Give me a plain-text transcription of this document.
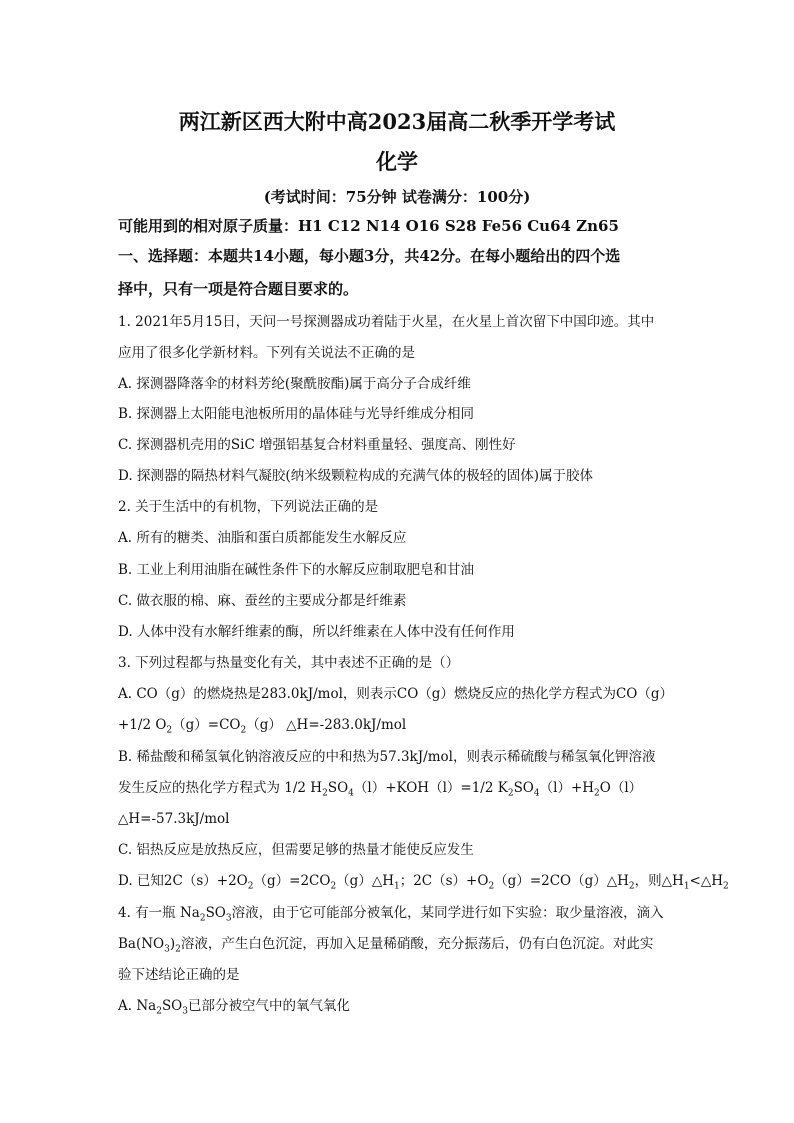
两江新区西大附中高2023届高二秋季开学考试
化学
(考试时间：75分钟 试卷满分：100分)
可能用到的相对原子质量：H1 C12 N14 O16 S28 Fe56 Cu64 Zn65
一、选择题：本题共14小题，每小题3分，共42分。在每小题给出的四个选
择中，只有一项是符合题目要求的。
1. 2021年5月15日，天问一号探测器成功着陆于火星，在火星上首次留下中国印迹。其中
应用了很多化学新材料。下列有关说法不正确的是
A. 探测器降落伞的材料芳纶(聚酰胺酯)属于高分子合成纤维
B. 探测器上太阳能电池板所用的晶体硅与光导纤维成分相同
C. 探测器机壳用的SiC 增强铝基复合材料重量轻、强度高、刚性好
D. 探测器的隔热材料气凝胶(纳米级颗粒构成的充满气体的极轻的固体)属于胶体
2. 关于生活中的有机物，下列说法正确的是
A. 所有的糖类、油脂和蛋白质都能发生水解反应
B. 工业上利用油脂在碱性条件下的水解反应制取肥皂和甘油
C. 做衣服的棉、麻、蚕丝的主要成分都是纤维素
D. 人体中没有水解纤维素的酶，所以纤维素在人体中没有任何作用
3. 下列过程都与热量变化有关，其中表述不正确的是（）
A. CO（g）的燃烧热是283.0kJ/mol，则表示CO（g）燃烧反应的热化学方程式为CO（g）
+1/2 $O_2(g)=CO_2(g)$ △H=-283.0kJ/mol
B. 稀盐酸和稀氢氧化钠溶液反应的中和热为57.3kJ/mol，则表示稀硫酸与稀氢氧化钾溶液
发生反应的热化学方程式为 1/2 $H_2SO_4(l)+KOH(l)=1/2$ $K_2SO_4(l)+H_2O(l)$
△H=-57.3kJ/mol
C. 铝热反应是放热反应，但需要足够的热量才能使反应发生
D. 已知$2C(s)+2O_2(g)=2CO_2(g)\triangle H_1$；$2C(s)+O_2(g)=2CO(g)\triangle H_2$，则$\triangle H_1<\triangle H_2$
4. 有一瓶 $Na_2SO_3$溶液，由于它可能部分被氧化，某同学进行如下实验：取少量溶液，滴入
$Ba(NO_3)_2$溶液，产生白色沉淀，再加入足量稀硝酸，充分振荡后，仍有白色沉淀。对此实
验下述结论正确的是
A. $Na_2SO_3$已部分被空气中的氧气氧化
